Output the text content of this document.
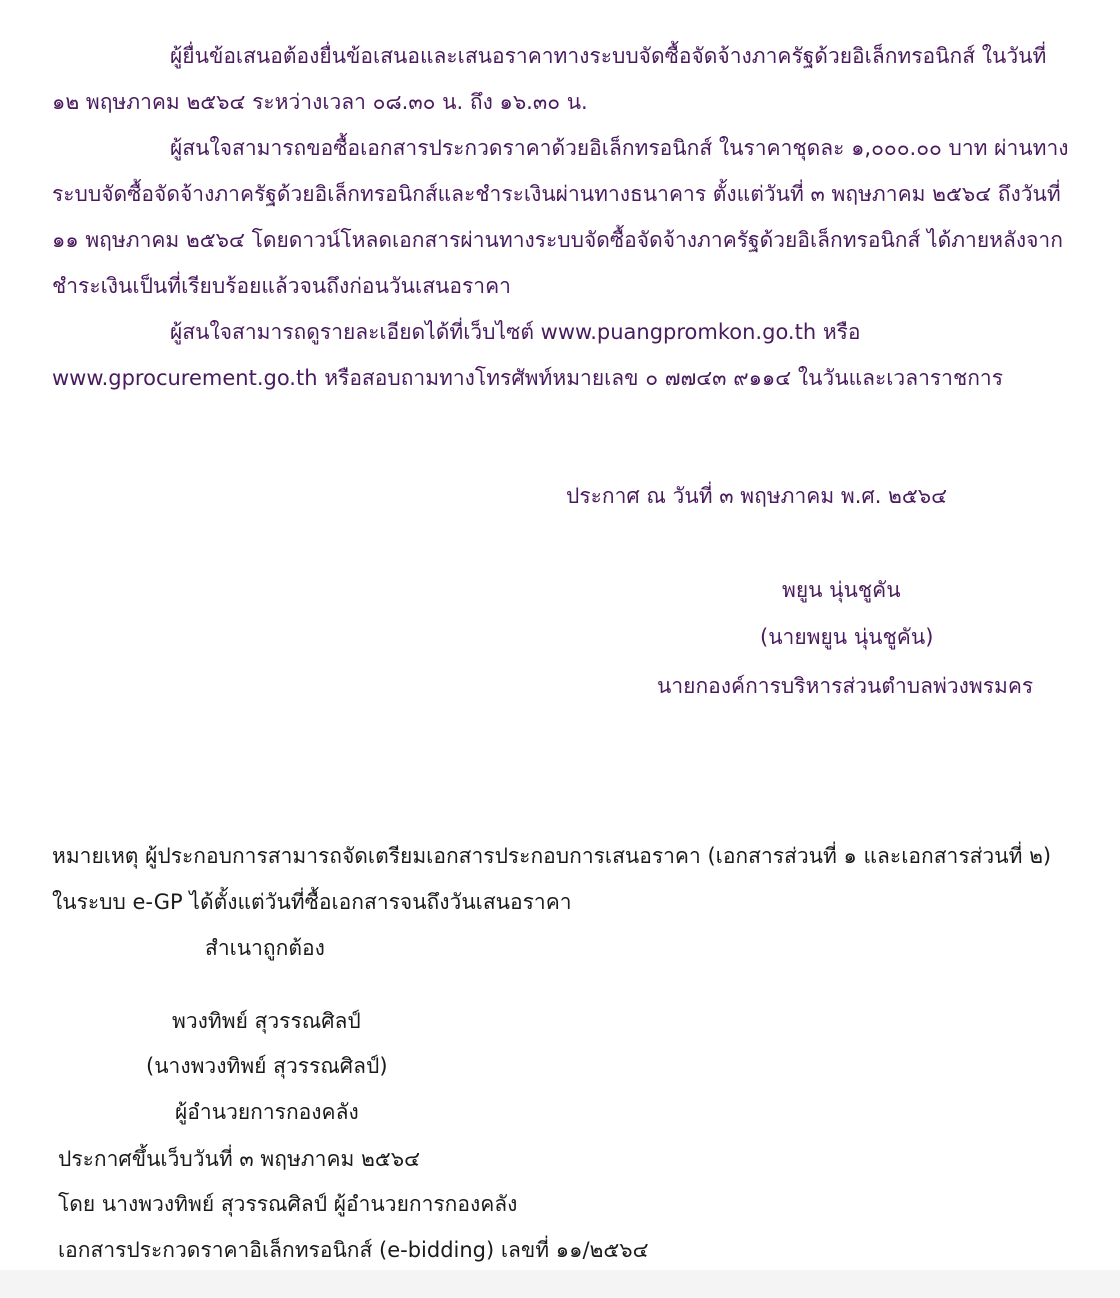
ผู้ยื่นข้อเสนอต้องยื่นข้อเสนอและเสนอราคาทางระบบจัดซื้อจัดจ้างภาครัฐด้วยอิเล็กทรอนิกส์ ในวันที่
๑๒ พฤษภาคม ๒๕๖๔ ระหว่างเวลา ๐๘.๓๐ น. ถึง ๑๖.๓๐ น.
ผู้สนใจสามารถขอซื้อเอกสารประกวดราคาด้วยอิเล็กทรอนิกส์ ในราคาชุดละ ๑,๐๐๐.๐๐ บาท ผ่านทาง
ระบบจัดซื้อจัดจ้างภาครัฐด้วยอิเล็กทรอนิกส์และชำระเงินผ่านทางธนาคาร ตั้งแต่วันที่ ๓ พฤษภาคม ๒๕๖๔ ถึงวันที่
๑๑ พฤษภาคม ๒๕๖๔ โดยดาวน์โหลดเอกสารผ่านทางระบบจัดซื้อจัดจ้างภาครัฐด้วยอิเล็กทรอนิกส์ ได้ภายหลังจาก
ชำระเงินเป็นที่เรียบร้อยแล้วจนถึงก่อนวันเสนอราคา
ผู้สนใจสามารถดูรายละเอียดได้ที่เว็บไซต์ www.puangpromkon.go.th หรือ
www.gprocurement.go.th หรือสอบถามทางโทรศัพท์หมายเลข ๐ ๗๗๔๓ ๙๑๑๔ ในวันและเวลาราชการ
ประกาศ ณ วันที่ ๓ พฤษภาคม พ.ศ. ๒๕๖๔
พยูน นุ่นชูคัน
(นายพยูน นุ่นชูคัน)
นายกองค์การบริหารส่วนตำบลพ่วงพรมคร
หมายเหตุ ผู้ประกอบการสามารถจัดเตรียมเอกสารประกอบการเสนอราคา (เอกสารส่วนที่ ๑ และเอกสารส่วนที่ ๒)
ในระบบ e-GP ได้ตั้งแต่วันที่ซื้อเอกสารจนถึงวันเสนอราคา
สำเนาถูกต้อง
พวงทิพย์ สุวรรณศิลป์
(นางพวงทิพย์ สุวรรณศิลป์)
ผู้อำนวยการกองคลัง
ประกาศขึ้นเว็บวันที่ ๓ พฤษภาคม ๒๕๖๔
โดย นางพวงทิพย์ สุวรรณศิลป์ ผู้อำนวยการกองคลัง
เอกสารประกวดราคาอิเล็กทรอนิกส์ (e-bidding) เลขที่ ๑๑/๒๕๖๔
